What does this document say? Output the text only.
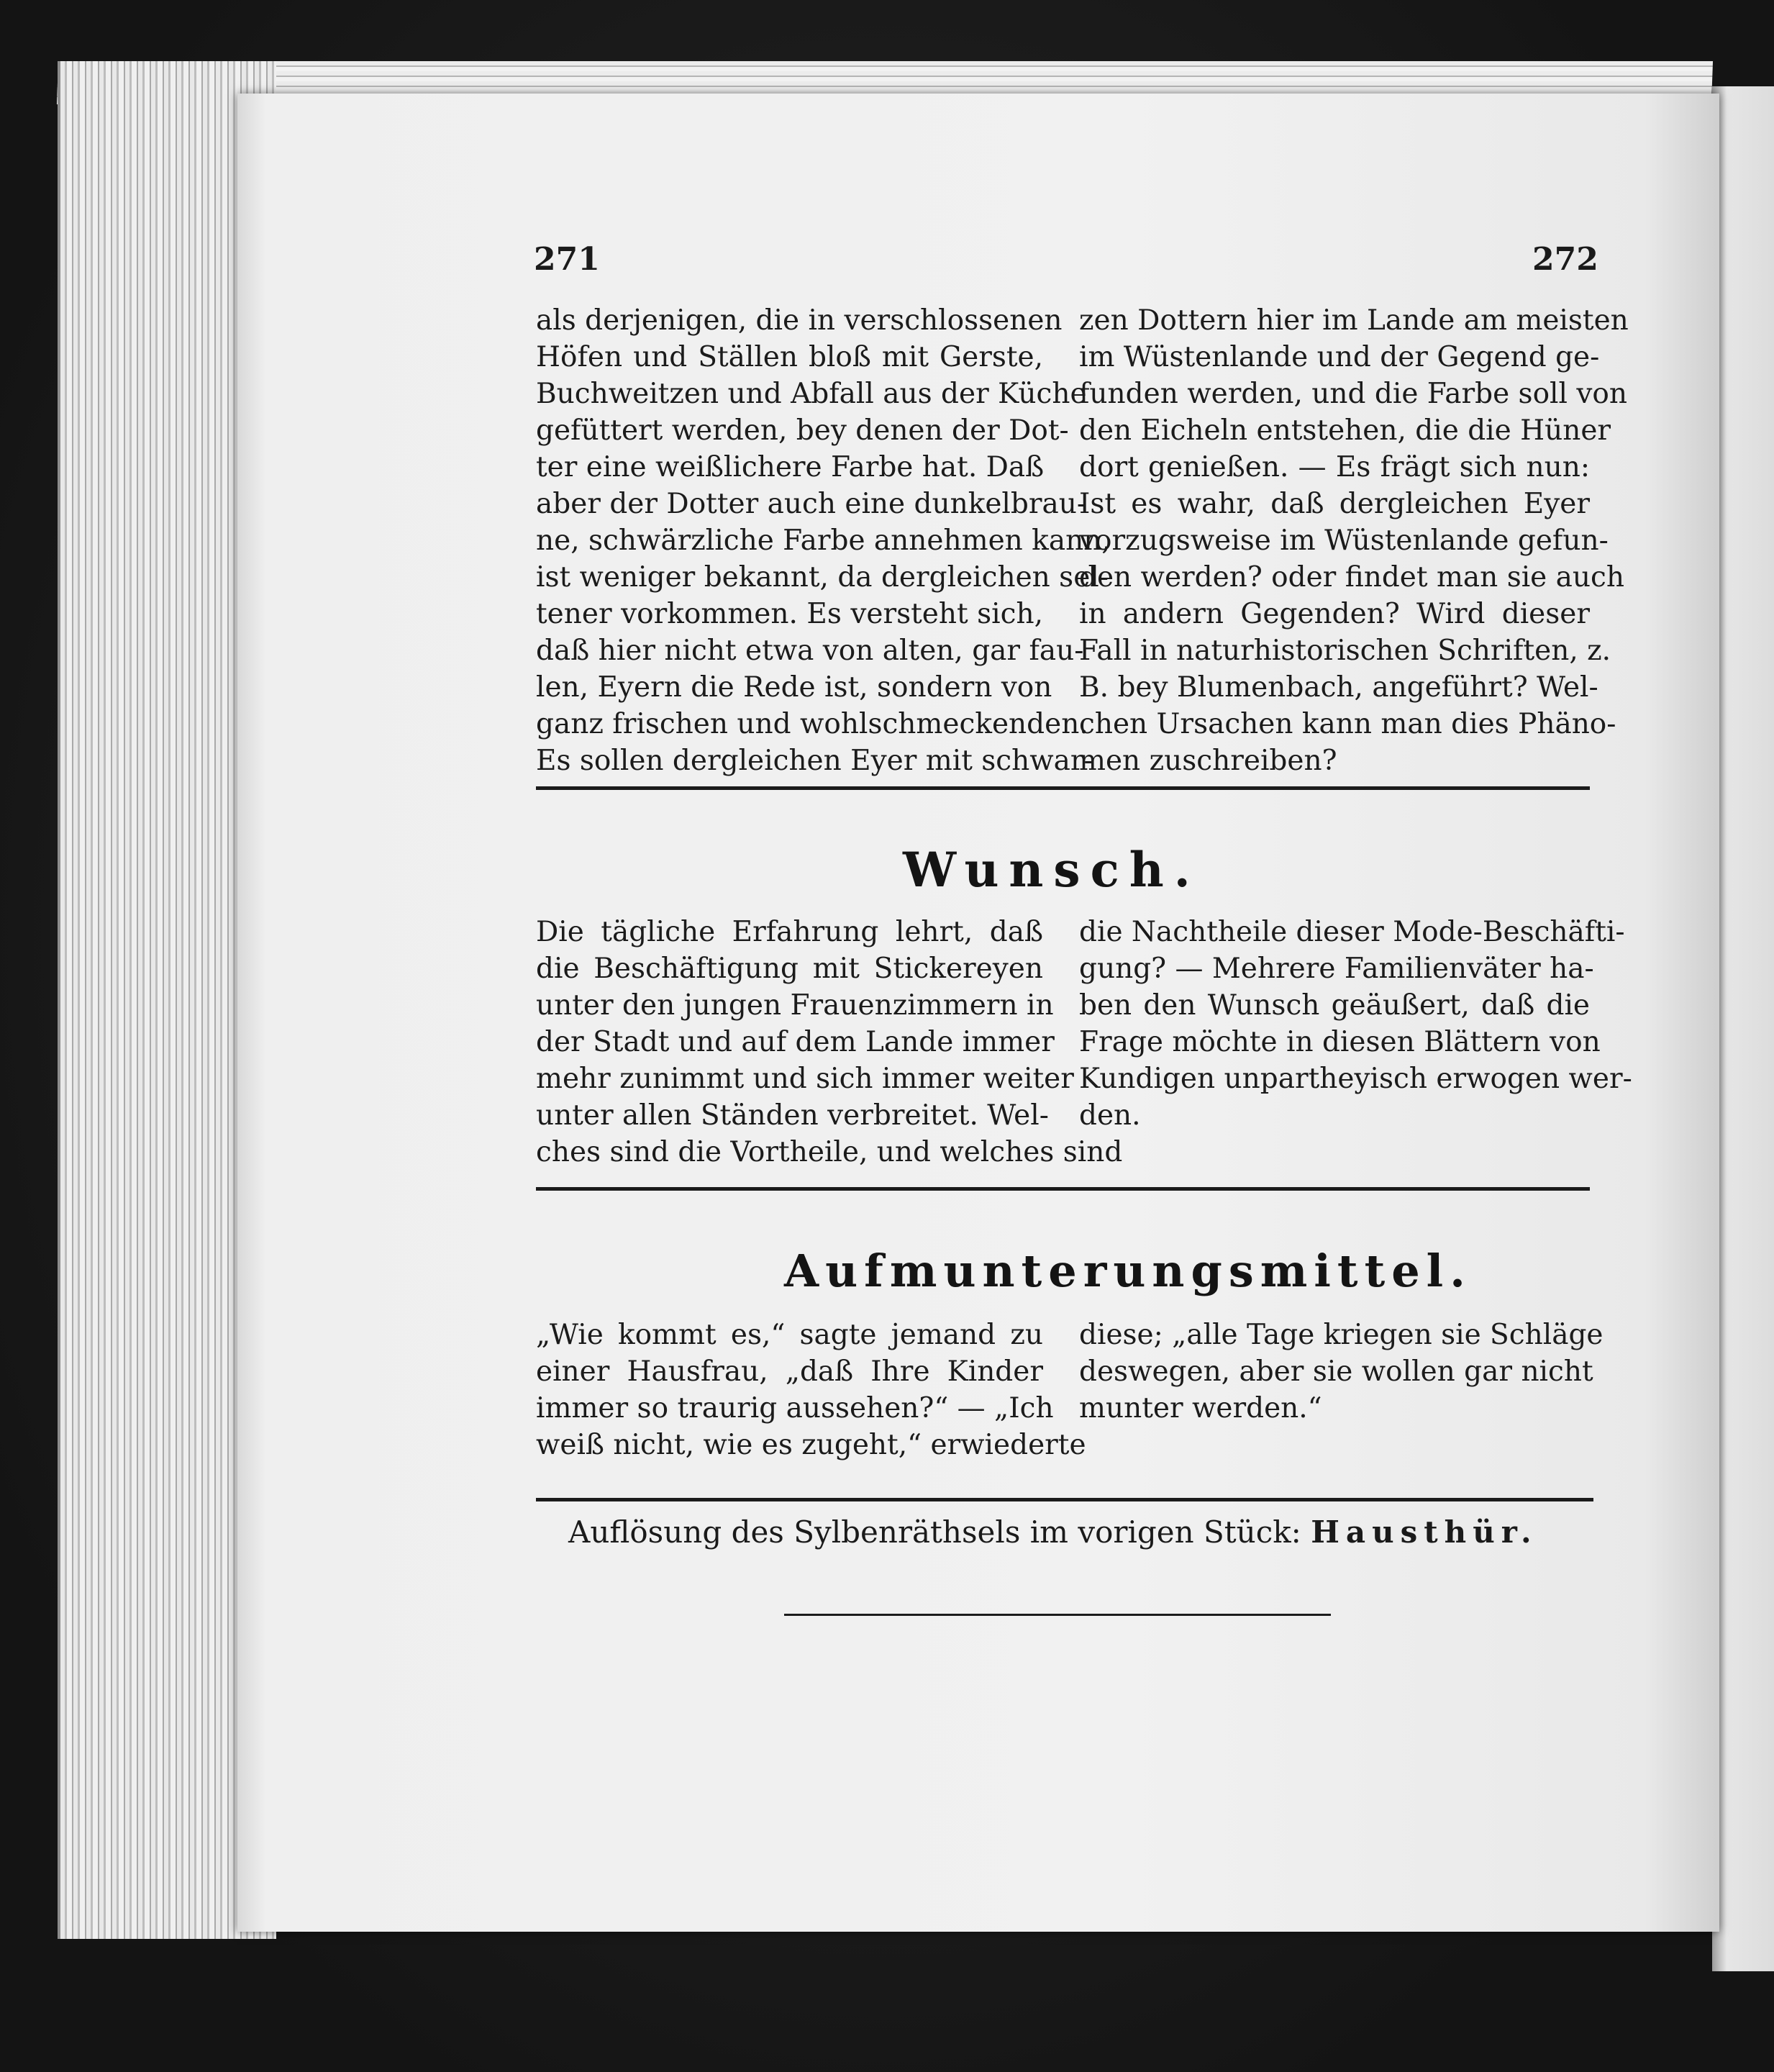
271	272

als derjenigen, die in verschlossenen

Höfen und Ställen bloß mit Gerste,

Buchweitzen und Abfall aus der Küche

gefüttert werden, bey denen der Dot-

ter eine weißlichere Farbe hat. Daß

aber der Dotter auch eine dunkelbrau-

ne, schwärzliche Farbe annehmen kann,

ist weniger bekannt, da dergleichen sel-

tener vorkommen. Es versteht sich,

daß hier nicht etwa von alten, gar fau-

len, Eyern die Rede ist, sondern von

ganz frischen und wohlschmeckenden.

Es sollen dergleichen Eyer mit schwar-

zen Dottern hier im Lande am meisten

im Wüstenlande und der Gegend ge-

funden werden, und die Farbe soll von

den Eicheln entstehen, die die Hüner

dort genießen. — Es frägt sich nun:

Ist es wahr, daß dergleichen Eyer

vorzugsweise im Wüstenlande gefun-

den werden? oder findet man sie auch

in andern Gegenden? Wird dieser

Fall in naturhistorischen Schriften, z.

B. bey Blumenbach, angeführt? Wel-

chen Ursachen kann man dies Phäno-

men zuschreiben?

Wunsch.

Die tägliche Erfahrung lehrt, daß

die Beschäftigung mit Stickereyen

unter den jungen Frauenzimmern in

der Stadt und auf dem Lande immer

mehr zunimmt und sich immer weiter

unter allen Ständen verbreitet. Wel-

ches sind die Vortheile, und welches sind

die Nachtheile dieser Mode-Beschäfti-

gung? — Mehrere Familienväter ha-

ben den Wunsch geäußert, daß die

Frage möchte in diesen Blättern von

Kundigen unpartheyisch erwogen wer-

den.

Aufmunterungsmittel.

„Wie kommt es,“ sagte jemand zu

einer Hausfrau, „daß Ihre Kinder

immer so traurig aussehen?“ — „Ich

weiß nicht, wie es zugeht,“ erwiederte

diese; „alle Tage kriegen sie Schläge

deswegen, aber sie wollen gar nicht

munter werden.“

Auflösung des Sylbenräthsels im vorigen Stück: Hausthür.
